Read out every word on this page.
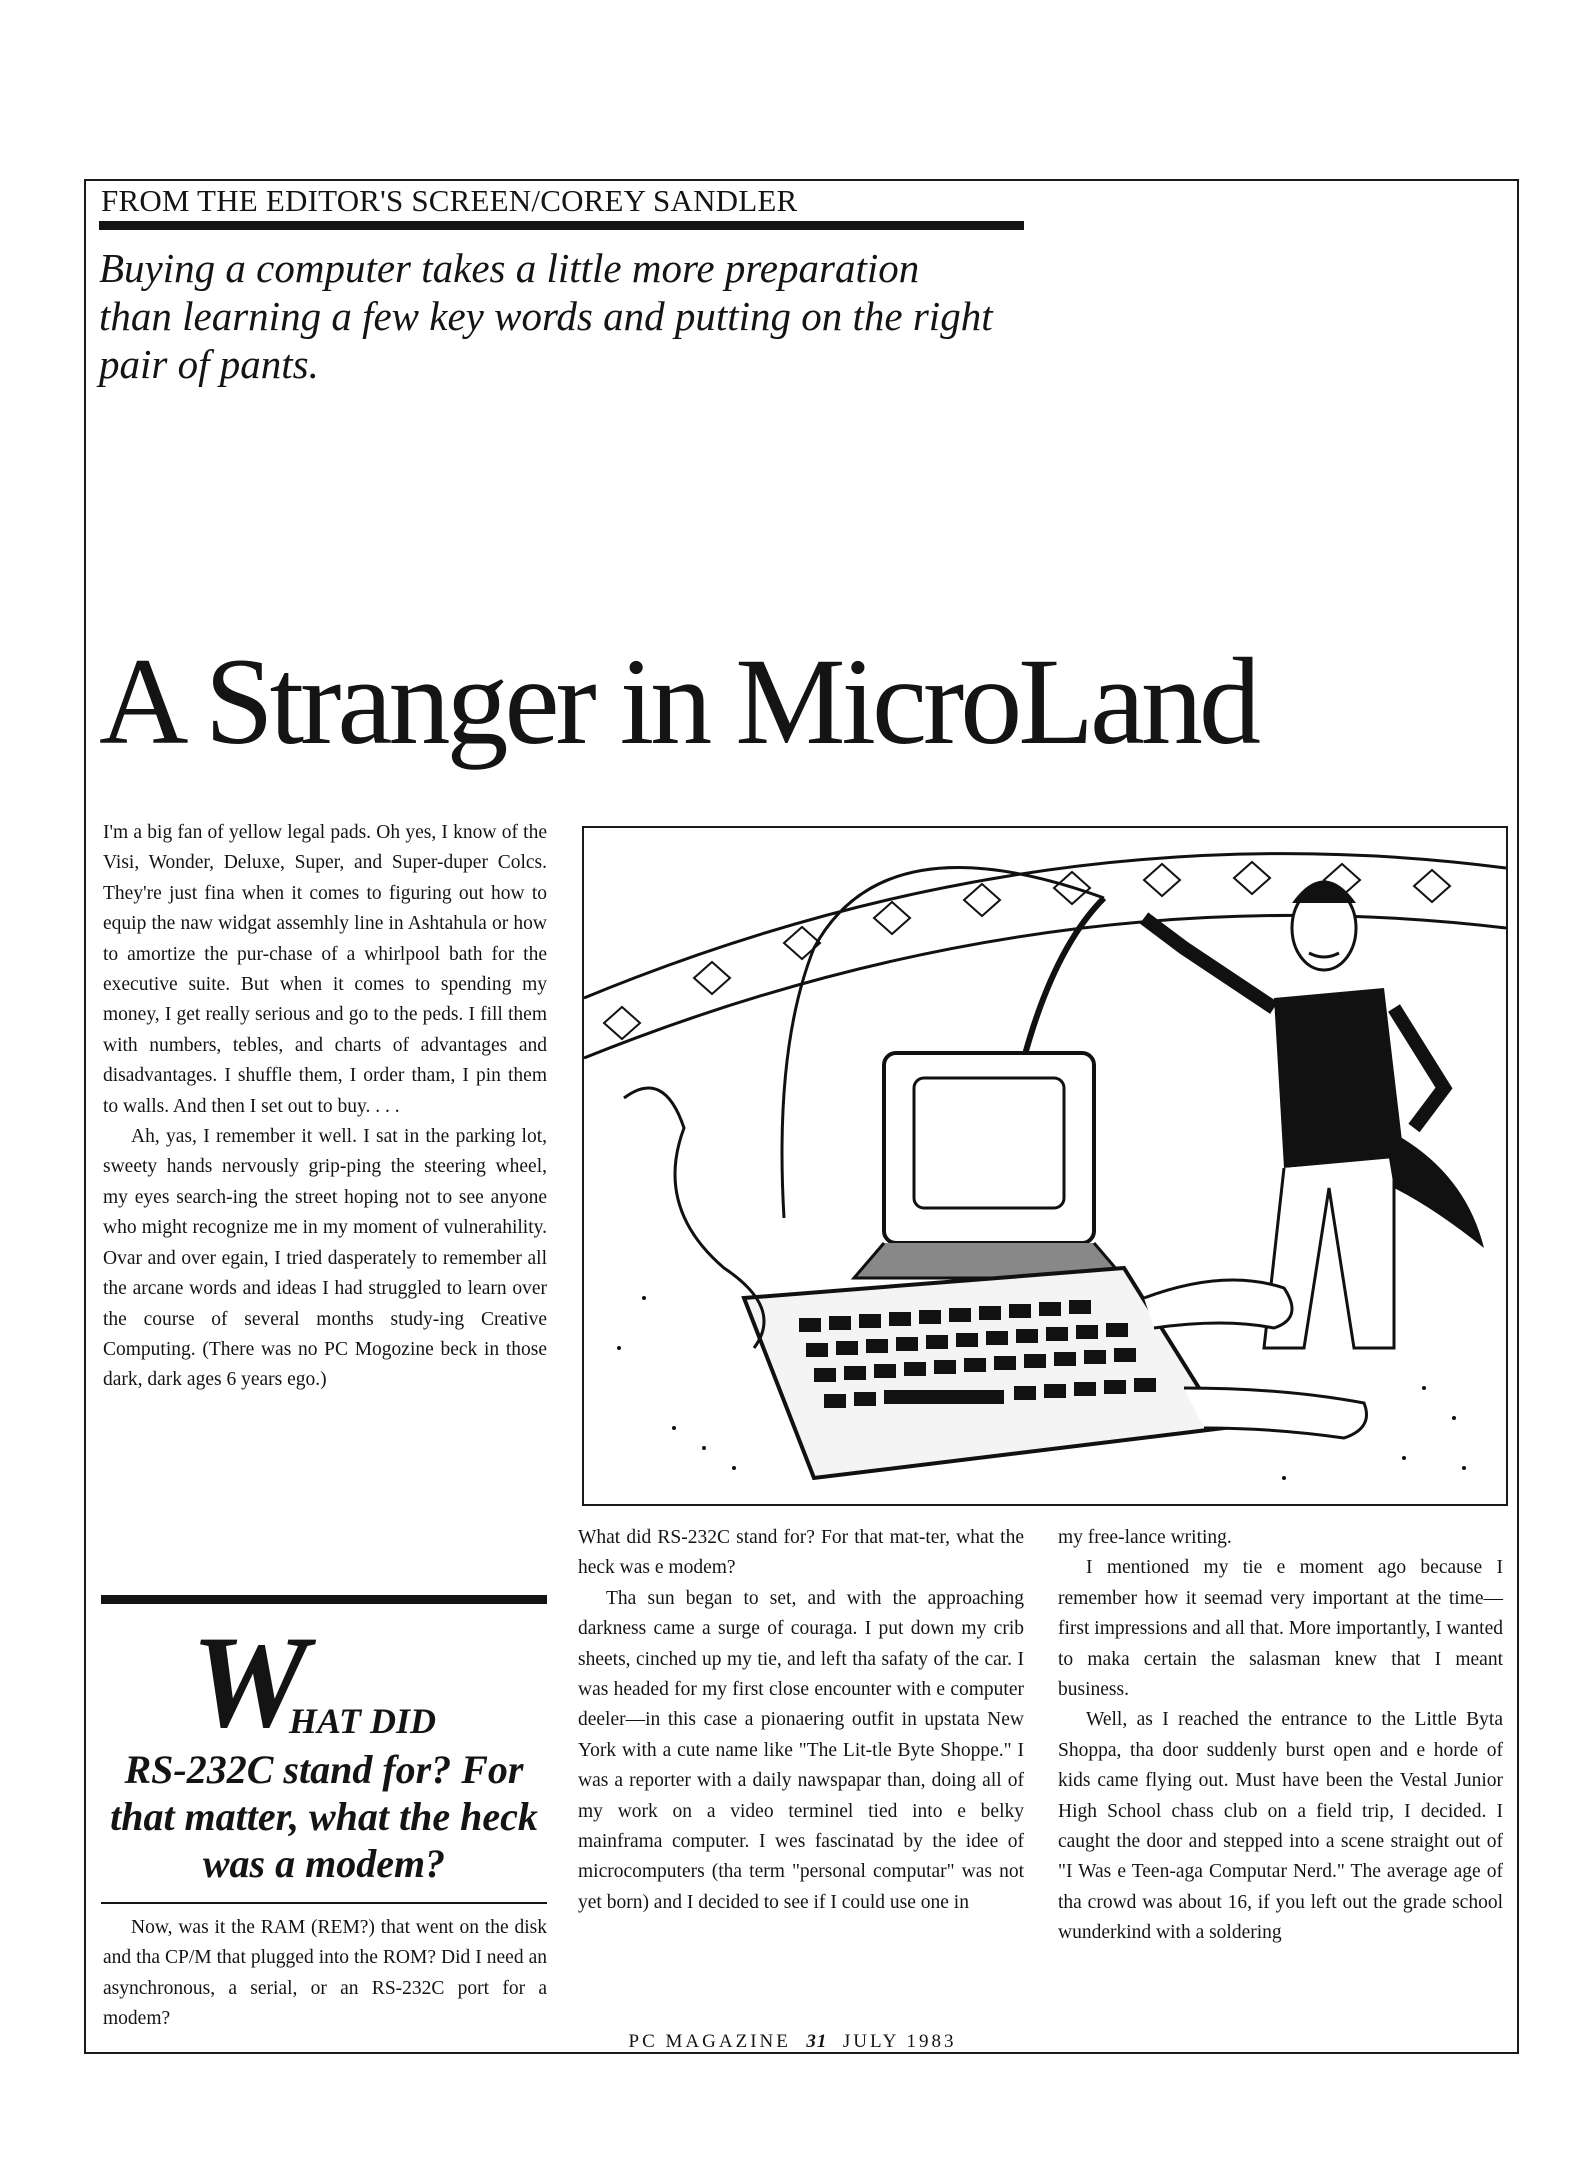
FROM THE EDITOR'S SCREEN/COREY SANDLER
Buying a computer takes a little more preparation than learning a few key words and putting on the right pair of pants.
A Stranger in MicroLand

I'm a big fan of yellow legal pads. Oh yes, I know of the Visi, Wonder, Deluxe, Super, and Super-duper Colcs. They're just fina when it comes to figuring out how to equip the naw widgat assemhly line in Ashtahula or how to amortize the pur-chase of a whirlpool bath for the executive suite. But when it comes to spending my money, I get really serious and go to the peds. I fill them with numbers, tebles, and charts of advantages and disadvantages. I shuffle them, I order tham, I pin them to walls. And then I set out to buy. . . .

Ah, yas, I remember it well. I sat in the parking lot, sweety hands nervously grip-ping the steering wheel, my eyes search-ing the street hoping not to see anyone who might recognize me in my moment of vulnerahility. Ovar and over egain, I tried dasperately to remember all the arcane words and ideas I had struggled to learn over the course of several months study-ing Creative Computing. (There was no PC Mogozine beck in those dark, dark ages 6 years ego.)

W
HAT DID
RS-232C stand for? For that matter, what the heck was a modem?

Now, was it the RAM (REM?) that went on the disk and tha CP/M that plugged into the ROM? Did I need an asynchronous, a serial, or an RS-232C port for a modem?

What did RS-232C stand for? For that mat-ter, what the heck was e modem?

Tha sun began to set, and with the approaching darkness came a surge of couraga. I put down my crib sheets, cinched up my tie, and left tha safaty of the car. I was headed for my first close encounter with e computer deeler—in this case a pionaering outfit in upstata New York with a cute name like "The Lit-tle Byte Shoppe." I was a reporter with a daily nawspapar than, doing all of my work on a video terminel tied into e belky mainframa computer. I wes fascinatad by the idee of microcomputers (tha term "personal computar" was not yet born) and I decided to see if I could use one in

my free-lance writing.

I mentioned my tie e moment ago because I remember how it seemad very important at the time—first impressions and all that. More importantly, I wanted to maka certain the salasman knew that I meant business.

Well, as I reached the entrance to the Little Byta Shoppa, tha door suddenly burst open and e horde of kids came flying out. Must have been the Vestal Junior High School chass club on a field trip, I decided. I caught the door and stepped into a scene straight out of "I Was e Teen-aga Computar Nerd." The average age of tha crowd was about 16, if you left out the grade school wunderkind with a soldering

PC MAGAZINE 31 JULY 1983
